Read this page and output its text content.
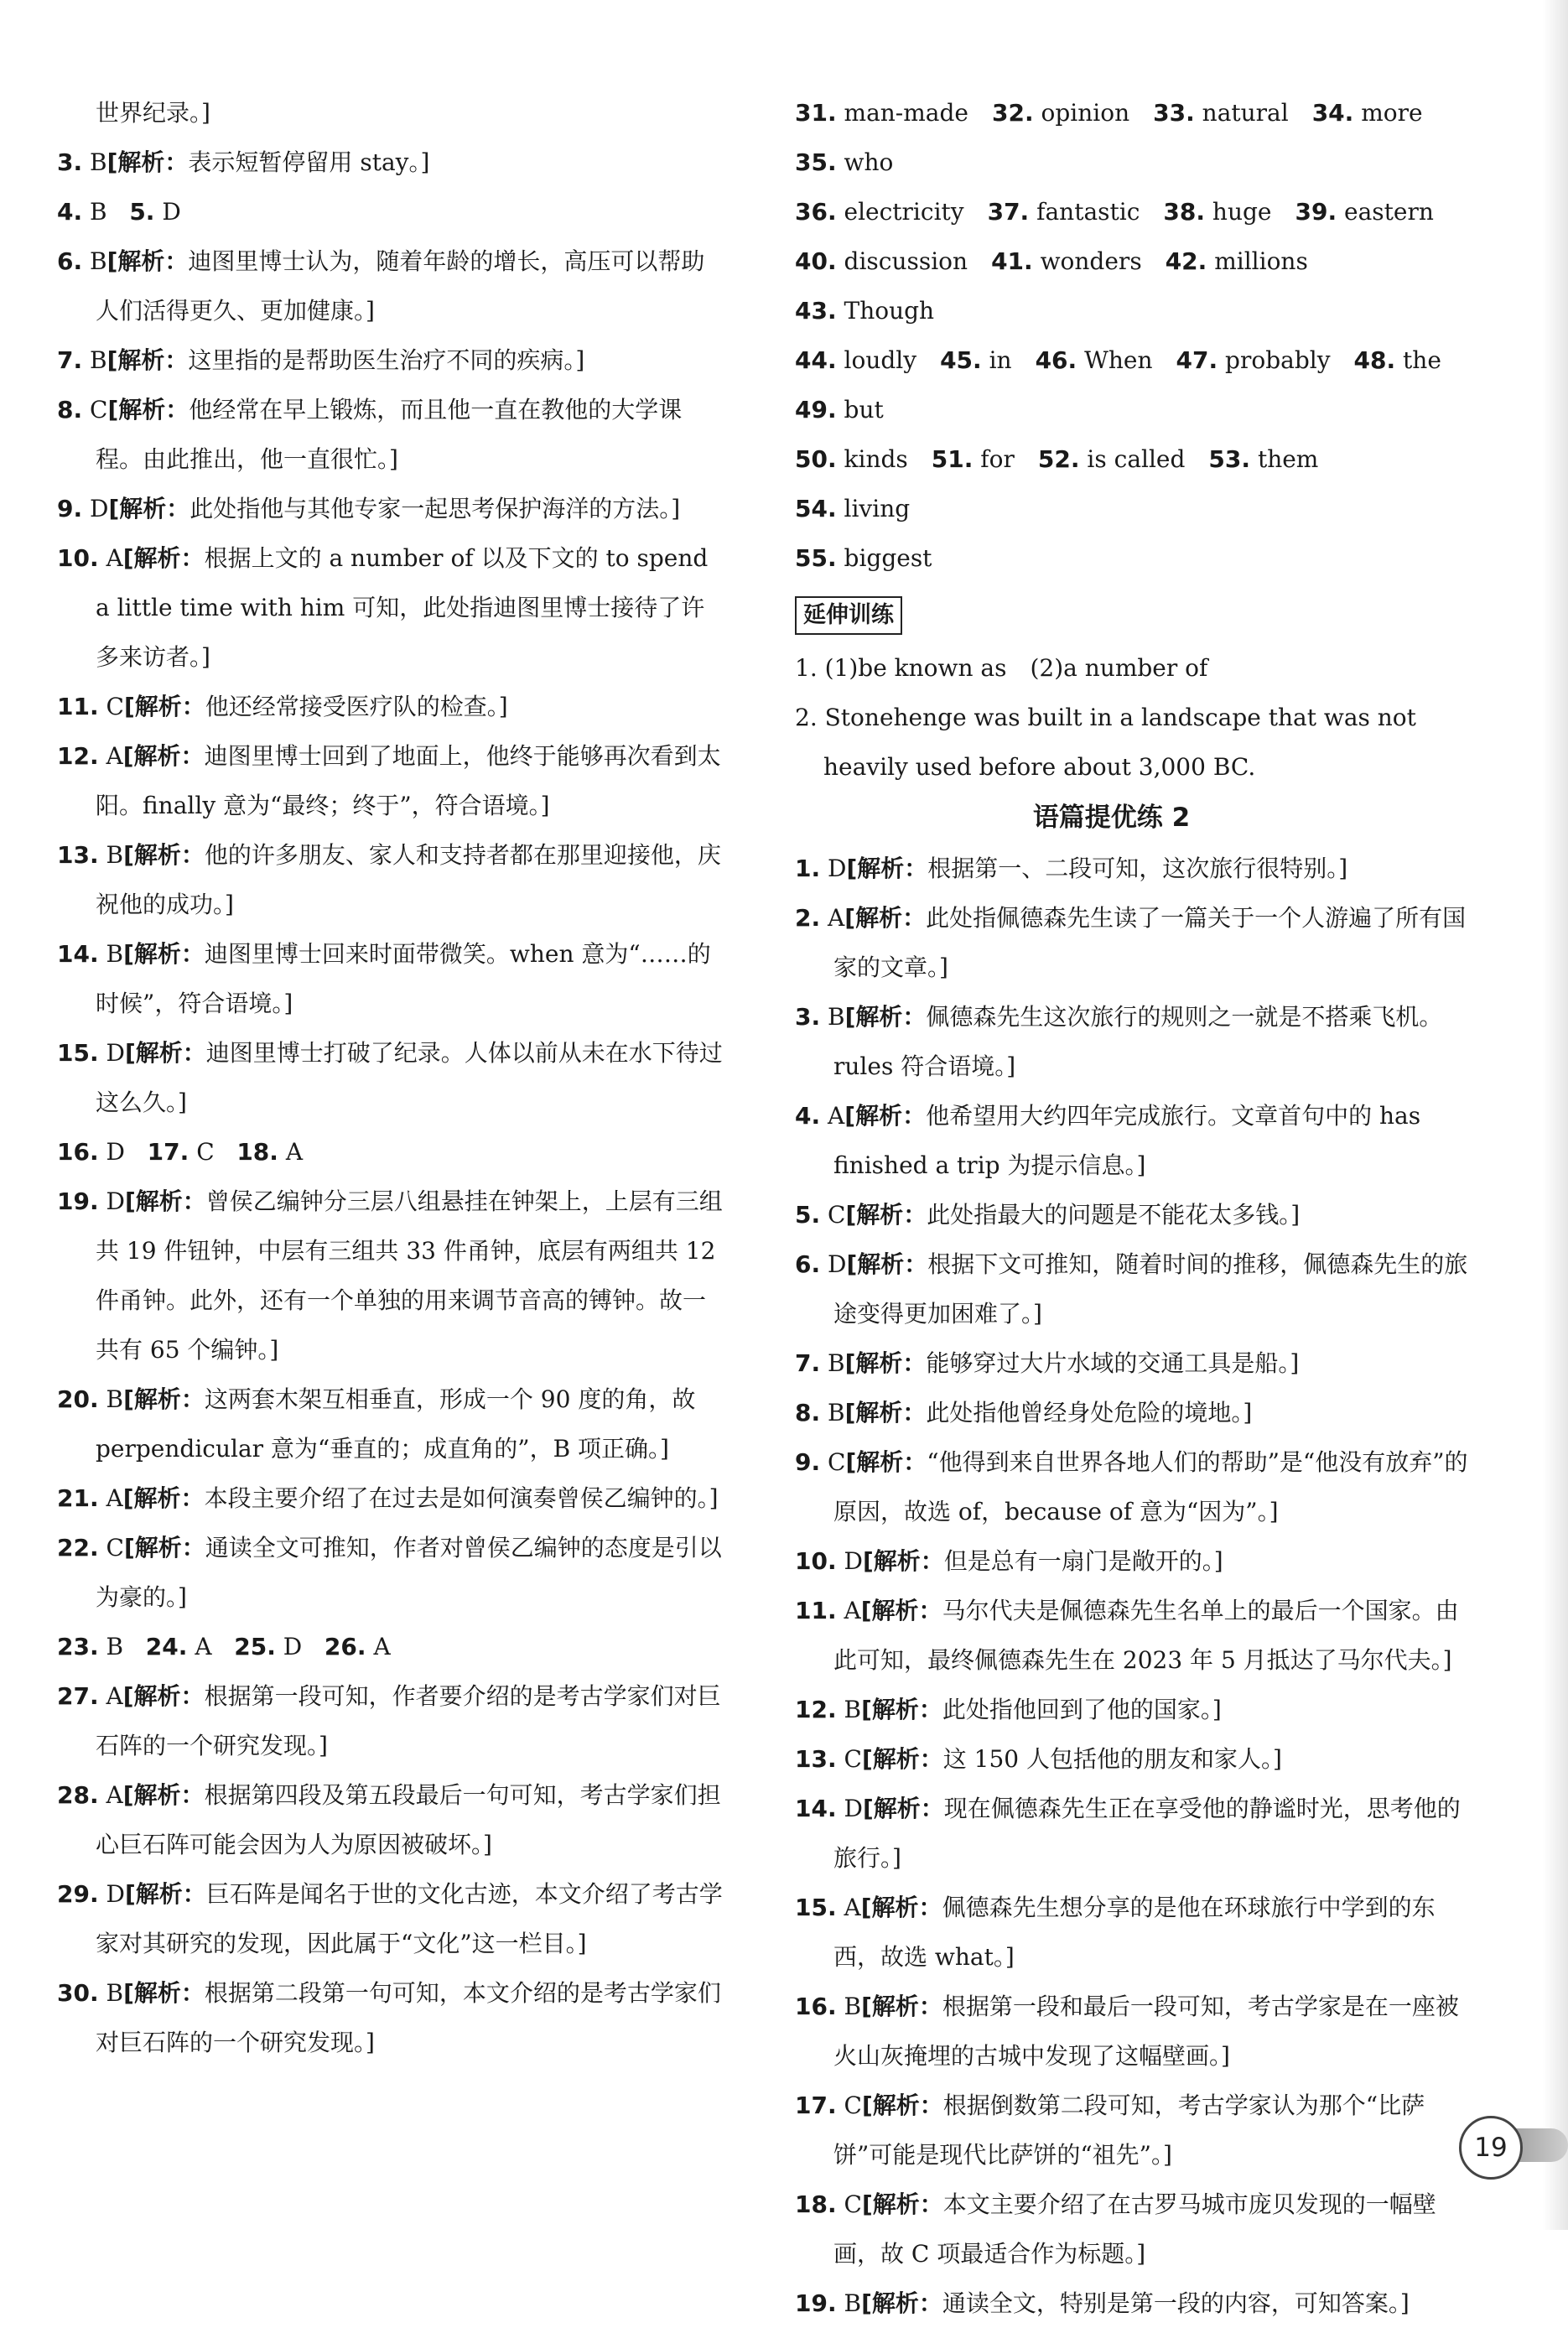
世界纪录。]
3. B[解析：表示短暂停留用 stay。]
4. B 5. D
6. B[解析：迪图里博士认为，随着年龄的增长，高压可以帮助人们活得更久、更加健康。]
7. B[解析：这里指的是帮助医生治疗不同的疾病。]
8. C[解析：他经常在早上锻炼，而且他一直在教他的大学课程。由此推出，他一直很忙。]
9. D[解析：此处指他与其他专家一起思考保护海洋的方法。]
10. A[解析：根据上文的 a number of 以及下文的 to spend a little time with him 可知，此处指迪图里博士接待了许多来访者。]
11. C[解析：他还经常接受医疗队的检查。]
12. A[解析：迪图里博士回到了地面上，他终于能够再次看到太阳。finally 意为“最终；终于”，符合语境。]
13. B[解析：他的许多朋友、家人和支持者都在那里迎接他，庆祝他的成功。]
14. B[解析：迪图里博士回来时面带微笑。when 意为“……的时候”，符合语境。]
15. D[解析：迪图里博士打破了纪录。人体以前从未在水下待过这么久。]
16. D 17. C 18. A
19. D[解析：曾侯乙编钟分三层八组悬挂在钟架上，上层有三组共 19 件钮钟，中层有三组共 33 件甬钟，底层有两组共 12 件甬钟。此外，还有一个单独的用来调节音高的镈钟。故一共有 65 个编钟。]
20. B[解析：这两套木架互相垂直，形成一个 90 度的角，故 perpendicular 意为“垂直的；成直角的”，B 项正确。]
21. A[解析：本段主要介绍了在过去是如何演奏曾侯乙编钟的。]
22. C[解析：通读全文可推知，作者对曾侯乙编钟的态度是引以为豪的。]
23. B 24. A 25. D 26. A
27. A[解析：根据第一段可知，作者要介绍的是考古学家们对巨石阵的一个研究发现。]
28. A[解析：根据第四段及第五段最后一句可知，考古学家们担心巨石阵可能会因为人为原因被破坏。]
29. D[解析：巨石阵是闻名于世的文化古迹，本文介绍了考古学家对其研究的发现，因此属于“文化”这一栏目。]
30. B[解析：根据第二段第一句可知，本文介绍的是考古学家们对巨石阵的一个研究发现。]
31. man-made 32. opinion 33. natural 34. more
35. who
36. electricity 37. fantastic 38. huge 39. eastern
40. discussion 41. wonders 42. millions
43. Though
44. loudly 45. in 46. When 47. probably 48. the
49. but
50. kinds 51. for 52. is called 53. them
54. living
55. biggest
延伸训练
1. (1)be known as　(2)a number of
2. Stonehenge was built in a landscape that was not heavily used before about 3,000 BC.
语篇提优练 2
1. D[解析：根据第一、二段可知，这次旅行很特别。]
2. A[解析：此处指佩德森先生读了一篇关于一个人游遍了所有国家的文章。]
3. B[解析：佩德森先生这次旅行的规则之一就是不搭乘飞机。rules 符合语境。]
4. A[解析：他希望用大约四年完成旅行。文章首句中的 has finished a trip 为提示信息。]
5. C[解析：此处指最大的问题是不能花太多钱。]
6. D[解析：根据下文可推知，随着时间的推移，佩德森先生的旅途变得更加困难了。]
7. B[解析：能够穿过大片水域的交通工具是船。]
8. B[解析：此处指他曾经身处危险的境地。]
9. C[解析：“他得到来自世界各地人们的帮助”是“他没有放弃”的原因，故选 of，because of 意为“因为”。]
10. D[解析：但是总有一扇门是敞开的。]
11. A[解析：马尔代夫是佩德森先生名单上的最后一个国家。由此可知，最终佩德森先生在 2023 年 5 月抵达了马尔代夫。]
12. B[解析：此处指他回到了他的国家。]
13. C[解析：这 150 人包括他的朋友和家人。]
14. D[解析：现在佩德森先生正在享受他的静谧时光，思考他的旅行。]
15. A[解析：佩德森先生想分享的是他在环球旅行中学到的东西，故选 what。]
16. B[解析：根据第一段和最后一段可知，考古学家是在一座被火山灰掩埋的古城中发现了这幅壁画。]
17. C[解析：根据倒数第二段可知，考古学家认为那个“比萨饼”可能是现代比萨饼的“祖先”。]
18. C[解析：本文主要介绍了在古罗马城市庞贝发现的一幅壁画，故 C 项最适合作为标题。]
19. B[解析：通读全文，特别是第一段的内容，可知答案。]
19
